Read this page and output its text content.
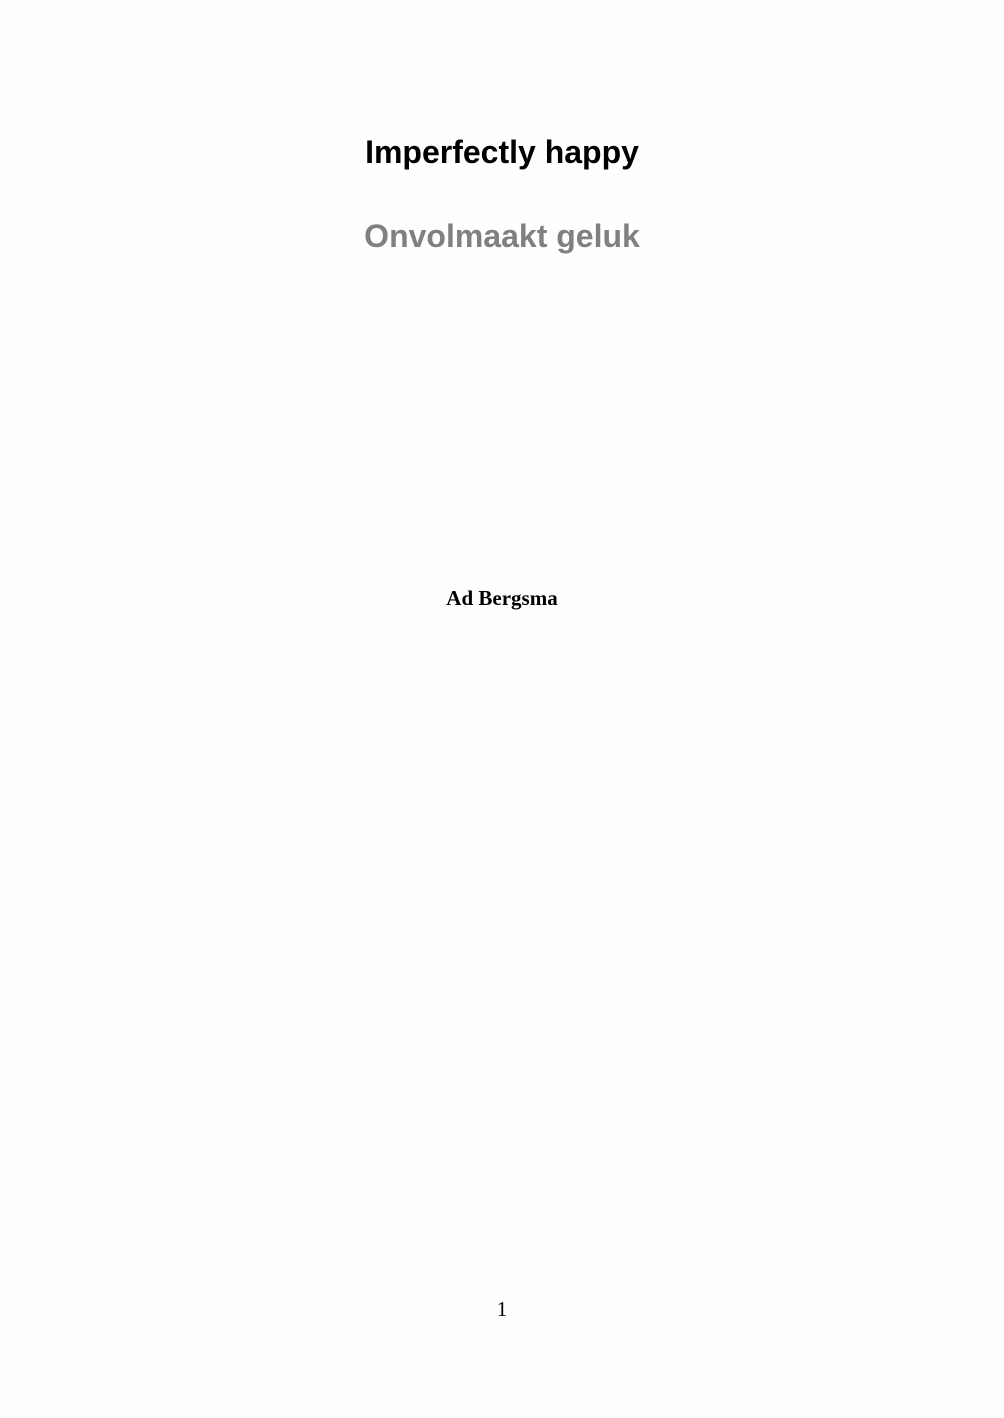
Imperfectly happy
Onvolmaakt geluk
Ad Bergsma
1
